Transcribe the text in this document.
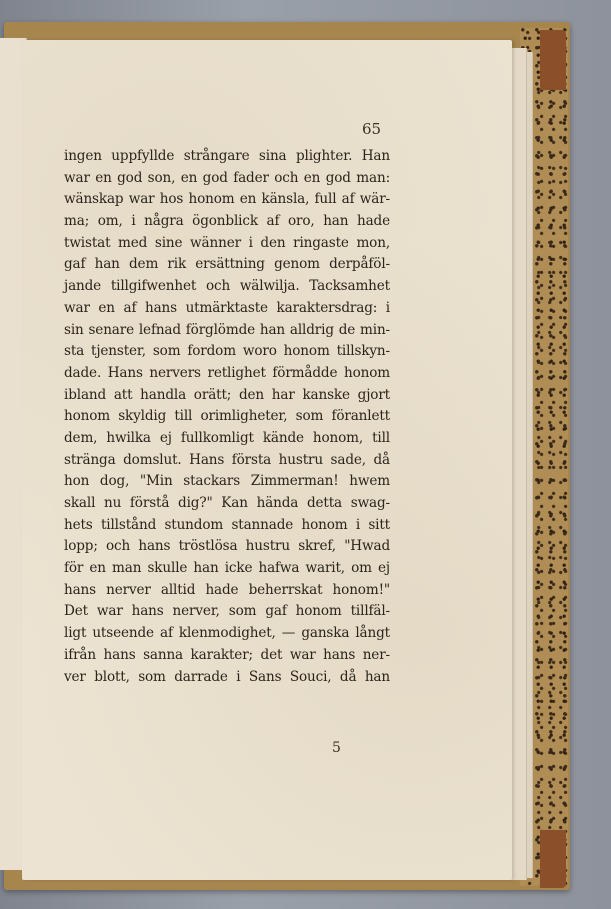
65
ingen uppfyllde strångare sina plighter. Han
war en god son, en god fader och en god man:
wänskap war hos honom en känsla, full af wär-
ma; om, i några ögonblick af oro, han hade
twistat med sine wänner i den ringaste mon,
gaf han dem rik ersättning genom derpåföl-
jande tillgifwenhet och wälwilja. Tacksamhet
war en af hans utmärktaste karaktersdrag: i
sin senare lefnad förglömde han alldrig de min-
sta tjenster, som fordom woro honom tillskyn-
dade. Hans nervers retlighet förmådde honom
ibland att handla orätt; den har kanske gjort
honom skyldig till orimligheter, som föranlett
dem, hwilka ej fullkomligt kände honom, till
stränga domslut. Hans första hustru sade, då
hon dog, "Min stackars Zimmerman! hwem
skall nu förstå dig?" Kan hända detta swag-
hets tillstånd stundom stannade honom i sitt
lopp; och hans tröstlösa hustru skref, "Hwad
för en man skulle han icke hafwa warit, om ej
hans nerver alltid hade beherrskat honom!"
Det war hans nerver, som gaf honom tillfäl-
ligt utseende af klenmodighet, — ganska långt
ifrån hans sanna karakter; det war hans ner-
ver blott, som darrade i Sans Souci, då han
5
